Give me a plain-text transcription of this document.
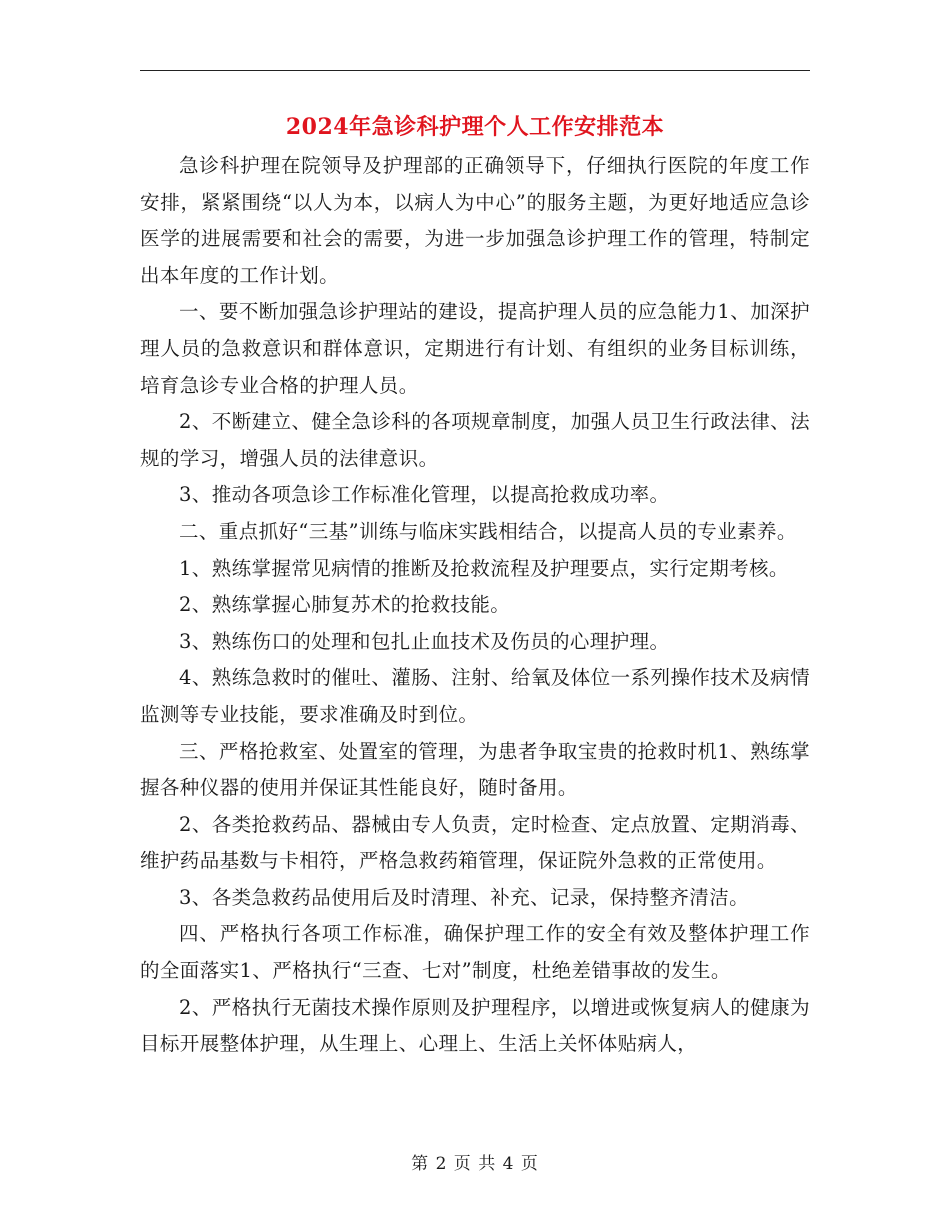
2024年急诊科护理个人工作安排范本

急诊科护理在院领导及护理部的正确领导下，仔细执行医院的年度工作安排，紧紧围绕“以人为本，以病人为中心”的服务主题，为更好地适应急诊医学的进展需要和社会的需要，为进一步加强急诊护理工作的管理，特制定出本年度的工作计划。

一、要不断加强急诊护理站的建设，提高护理人员的应急能力1、加深护理人员的急救意识和群体意识，定期进行有计划、有组织的业务目标训练，培育急诊专业合格的护理人员。

2、不断建立、健全急诊科的各项规章制度，加强人员卫生行政法律、法规的学习，增强人员的法律意识。

3、推动各项急诊工作标准化管理，以提高抢救成功率。

二、重点抓好“三基”训练与临床实践相结合，以提高人员的专业素养。

1、熟练掌握常见病情的推断及抢救流程及护理要点，实行定期考核。

2、熟练掌握心肺复苏术的抢救技能。

3、熟练伤口的处理和包扎止血技术及伤员的心理护理。

4、熟练急救时的催吐、灌肠、注射、给氧及体位一系列操作技术及病情监测等专业技能，要求准确及时到位。

三、严格抢救室、处置室的管理，为患者争取宝贵的抢救时机1、熟练掌握各种仪器的使用并保证其性能良好，随时备用。

2、各类抢救药品、器械由专人负责，定时检查、定点放置、定期消毒、维护药品基数与卡相符，严格急救药箱管理，保证院外急救的正常使用。

3、各类急救药品使用后及时清理、补充、记录，保持整齐清洁。

四、严格执行各项工作标准，确保护理工作的安全有效及整体护理工作的全面落实1、严格执行“三查、七对”制度，杜绝差错事故的发生。

2、严格执行无菌技术操作原则及护理程序，以增进或恢复病人的健康为目标开展整体护理，从生理上、心理上、生活上关怀体贴病人，

第 2 页 共 4 页
